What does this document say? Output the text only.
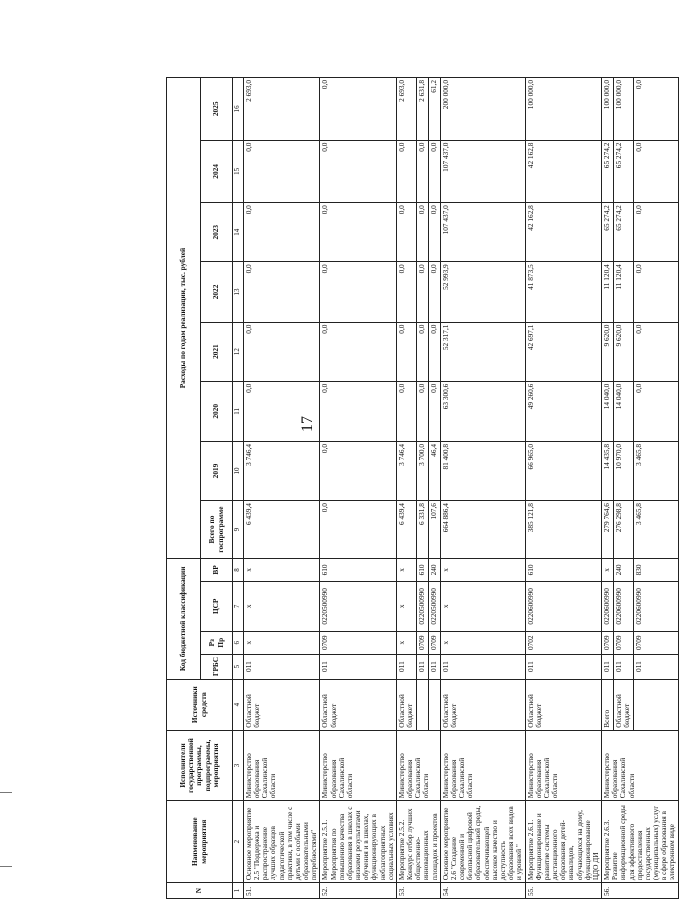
17
N	Наименование мероприятия	Исполнители государственной программы, подпрограммы, мероприятия	Источники средств	Код бюджетной классификации				Расходы по годам реализации, тыс. рублей							
				ГРБС	Рз Пр	ЦСР	ВР	Всего по госпрограмме	2019	2020	2021	2022	2023	2024	2025
1	2	3	4	5	6	7	8	9	10	11	12	13	14	15	16
51.	Основное мероприятие 2.5 "Поддержка и распространение лучших образцов педагогической практики, в том числе с детьми с особыми образовательными потребностями"	Министерство образования Сахалинской области	Областной бюджет	011	x	x	x	6 439,4	3 746,4	0,0	0,0	0,0	0,0	0,0	2 693,0
52.	Мероприятие 2.5.1. Мероприятия по повышению качества образования в школах с низкими результатами обучения и в школах, функционирующих в неблагоприятных социальных условиях	Министерство образования Сахалинской области	Областной бюджет	011	0709	0220500990	610	0,0	0,0	0,0	0,0	0,0	0,0	0,0	0,0
53.	Мероприятие 2.5.2. Конкурс отбор лучших общественно-инновационных площадок и проектов	Министерство образования Сахалинской области	Областной бюджет	011	x	x	x	6 439,4	3 746,4	0,0	0,0	0,0	0,0	0,0	2 693,0
				011	0709	0220500990	610	6 331,8	3 700,0	0,0	0,0	0,0	0,0	0,0	2 631,8
				011	0709	0220500990	240	107,6	46,4	0,0	0,0	0,0	0,0	0,0	61,2
54.	Основное мероприятие 2.6 "Создание современной и безопасной цифровой образовательной среды, обеспечивающей высокое качество и доступность образования всех видов и уровней "	Министерство образования Сахалинской области	Областной бюджет	011	x	x	x	664 886,4	81 400,8	63 300,6	52 317,1	52 993,9	107 437,0	107 437,0	200 000,0
55.	Мероприятие 2.6.1. Функционирование и развитие системы дистанционного образования детей-инвалидов, обучающихся на дому, функционирование ЦДО ДИ	Министерство образования Сахалинской области	Областной бюджет	011	0702	0220600990	610	385 121,8	66 965,0	49 260,6	42 697,1	41 873,5	42 162,8	42 162,8	100 000,0
56.	Мероприятие 2.6.3. Развитие информационной среды для эффективного предоставления государственных (муниципальных) услуг в сфере образования в электронном виде	Министерство образования Сахалинской области	Всего	011	0709	0220600990	x	279 764,6	14 435,8	14 040,0	9 620,0	11 120,4	65 274,2	65 274,2	100 000,0
			Областной бюджет	011	0709	0220600990	240	276 298,8	10 970,0	14 040,0	9 620,0	11 120,4	65 274,2	65 274,2	100 000,0
				011	0709	0220600990	830	3 465,8	3 465,8	0,0	0,0	0,0	0,0	0,0	0,0
